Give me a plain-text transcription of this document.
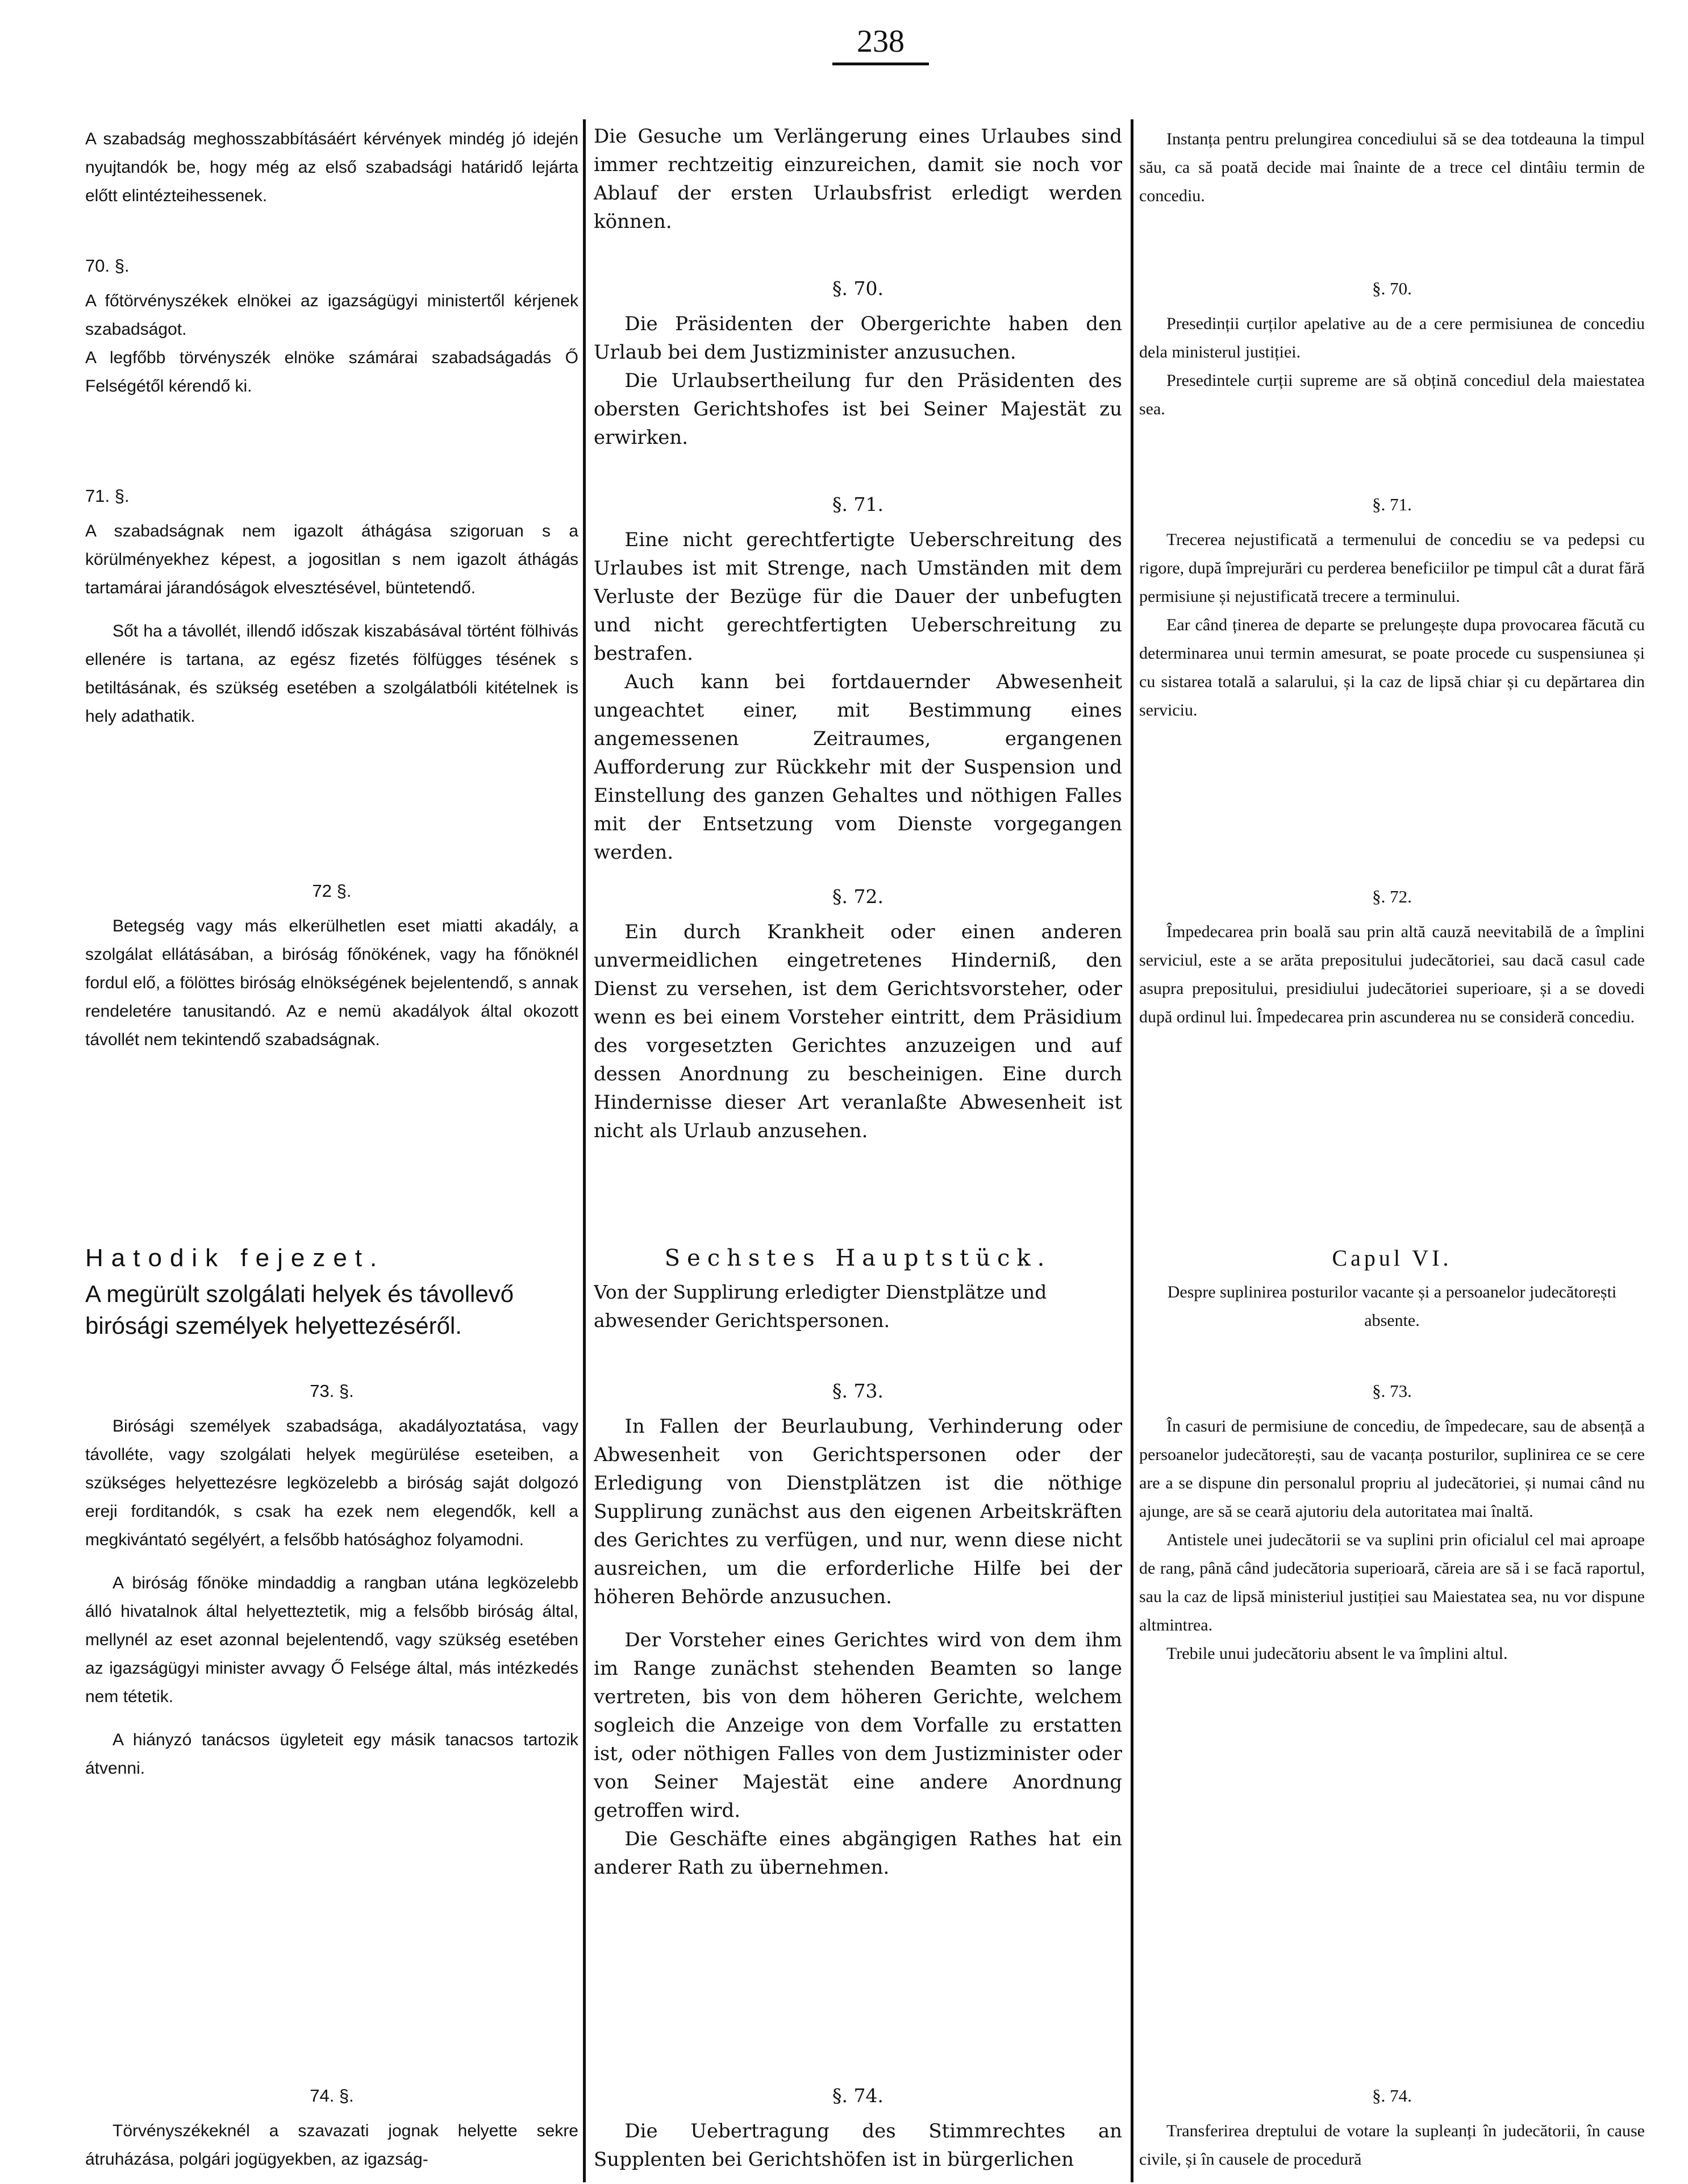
238

A szabadság meghosszabbításáért kérvények mindég jó idején nyujtandók be, hogy még az első szabadsági határidő lejárta előtt elintézteihessenek.

70. §.

A főtörvényszékek elnökei az igazságügyi ministertől kérjenek szabadságot.

A legfőbb törvényszék elnöke számárai szabadságadás Ő Felségétől kérendő ki.

71. §.

A szabadságnak nem igazolt áthágása szigoruan s a körülményekhez képest, a jogositlan s nem igazolt áthágás tartamárai járandóságok elvesztésével, büntetendő.

Sőt ha a távollét, illendő időszak kiszabásával történt fölhivás ellenére is tartana, az egész fizetés fölfügges tésének s betiltásának, és szükség esetében a szolgálatbóli kitételnek is hely adathatik.

72 §.

Betegség vagy más elkerülhetlen eset miatti akadály, a szolgálat ellátásában, a biróság főnökének, vagy ha főnöknél fordul elő, a fölöttes biróság elnökségének bejelentendő, s annak rendeletére tanusitandó. Az e nemü akadályok által okozott távollét nem tekintendő szabadságnak.

Hatodik fejezet.

A megürült szolgálati helyek és távollevő birósági személyek helyettezéséről.

73. §.

Birósági személyek szabadsága, akadályoztatása, vagy távolléte, vagy szolgálati helyek megürülése eseteiben, a szükséges helyettezésre legközelebb a biróság saját dolgozó ereji forditandók, s csak ha ezek nem elegendők, kell a megkivántató segélyért, a felsőbb hatósághoz folyamodni.

A biróság főnöke mindaddig a rangban utána legközelebb álló hivatalnok által helyetteztetik, mig a felsőbb biróság által, mellynél az eset azonnal bejelentendő, vagy szükség esetében az igazságügyi minister avvagy Ő Felsége által, más intézkedés nem tétetik.

A hiányzó tanácsos ügyleteit egy másik tanacsos tartozik átvenni.

74. §.

Törvényszékeknél a szavazati jognak helyette sekre átruházása, polgári jogügyekben, az igazság-

Die Gesuche um Verlängerung eines Urlaubes sind immer rechtzeitig einzureichen, damit sie noch vor Ablauf der ersten Urlaubsfrist erledigt werden können.

§. 70.

Die Präsidenten der Obergerichte haben den Urlaub bei dem Justizminister anzusuchen.

Die Urlaubsertheilung fur den Präsidenten des obersten Gerichtshofes ist bei Seiner Majestät zu erwirken.

§. 71.

Eine nicht gerechtfertigte Ueberschreitung des Urlaubes ist mit Strenge, nach Umständen mit dem Verluste der Bezüge für die Dauer der unbefugten und nicht gerechtfertigten Ueberschreitung zu bestrafen.

Auch kann bei fortdauernder Abwesenheit ungeachtet einer, mit Bestimmung eines angemessenen Zeitraumes, ergangenen Aufforderung zur Rückkehr mit der Suspension und Einstellung des ganzen Gehaltes und nöthigen Falles mit der Entsetzung vom Dienste vorgegangen werden.

§. 72.

Ein durch Krankheit oder einen anderen unvermeidlichen eingetretenes Hinderniß, den Dienst zu versehen, ist dem Gerichtsvorsteher, oder wenn es bei einem Vorsteher eintritt, dem Präsidium des vorgesetzten Gerichtes anzuzeigen und auf dessen Anordnung zu bescheinigen. Eine durch Hindernisse dieser Art veranlaßte Abwesenheit ist nicht als Urlaub anzusehen.

Sechstes Hauptstück.

Von der Supplirung erledigter Dienstplätze und abwesender Gerichtspersonen.

§. 73.

In Fallen der Beurlaubung, Verhinderung oder Abwesenheit von Gerichtspersonen oder der Erledigung von Dienstplätzen ist die nöthige Supplirung zunächst aus den eigenen Arbeitskräften des Gerichtes zu verfügen, und nur, wenn diese nicht ausreichen, um die erforderliche Hilfe bei der höheren Behörde anzusuchen.

Der Vorsteher eines Gerichtes wird von dem ihm im Range zunächst stehenden Beamten so lange vertreten, bis von dem höheren Gerichte, welchem sogleich die Anzeige von dem Vorfalle zu erstatten ist, oder nöthigen Falles von dem Justizminister oder von Seiner Majestät eine andere Anordnung getroffen wird.

Die Geschäfte eines abgängigen Rathes hat ein anderer Rath zu übernehmen.

§. 74.

Die Uebertragung des Stimmrechtes an Supplenten bei Gerichtshöfen ist in bürgerlichen

Instanța pentru prelungirea concediului să se dea totdeauna la timpul său, ca să poată decide mai înainte de a trece cel dintâiu termin de concediu.

§. 70.

Presedinții curților apelative au de a cere permisiunea de concediu dela ministerul justiției.

Presedintele curții supreme are să obțină concediul dela maiestatea sea.

§. 71.

Trecerea nejustificată a termenului de concediu se va pedepsi cu rigore, după împrejurări cu perderea beneficiilor pe timpul cât a durat fără permisiune și nejustificată trecere a terminului.

Ear când ținerea de departe se prelungește dupa provocarea făcută cu determinarea unui termin amesurat, se poate procede cu suspensiunea și cu sistarea totală a salarului, și la caz de lipsă chiar și cu depărtarea din serviciu.

§. 72.

Împedecarea prin boală sau prin altă cauză neevitabilă de a împlini serviciul, este a se arăta prepositului judecătoriei, sau dacă casul cade asupra prepositului, presidiului judecătoriei superioare, și a se dovedi după ordinul lui. Împedecarea prin ascunderea nu se consideră concediu.

Capul VI.

Despre suplinirea posturilor vacante și a persoanelor judecătorești absente.

§. 73.

În casuri de permisiune de concediu, de împedecare, sau de absență a persoanelor judecătorești, sau de vacanța posturilor, suplinirea ce se cere are a se dispune din personalul propriu al judecătoriei, și numai când nu ajunge, are să se ceară ajutoriu dela autoritatea mai înaltă.

Antistele unei judecătorii se va suplini prin oficialul cel mai aproape de rang, până când judecătoria superioară, căreia are să i se facă raportul, sau la caz de lipsă ministeriul justiției sau Maiestatea sea, nu vor dispune altmintrea.

Trebile unui judecătoriu absent le va împlini altul.

§. 74.

Transferirea dreptului de votare la supleanți în judecătorii, în cause civile, și în causele de procedură
